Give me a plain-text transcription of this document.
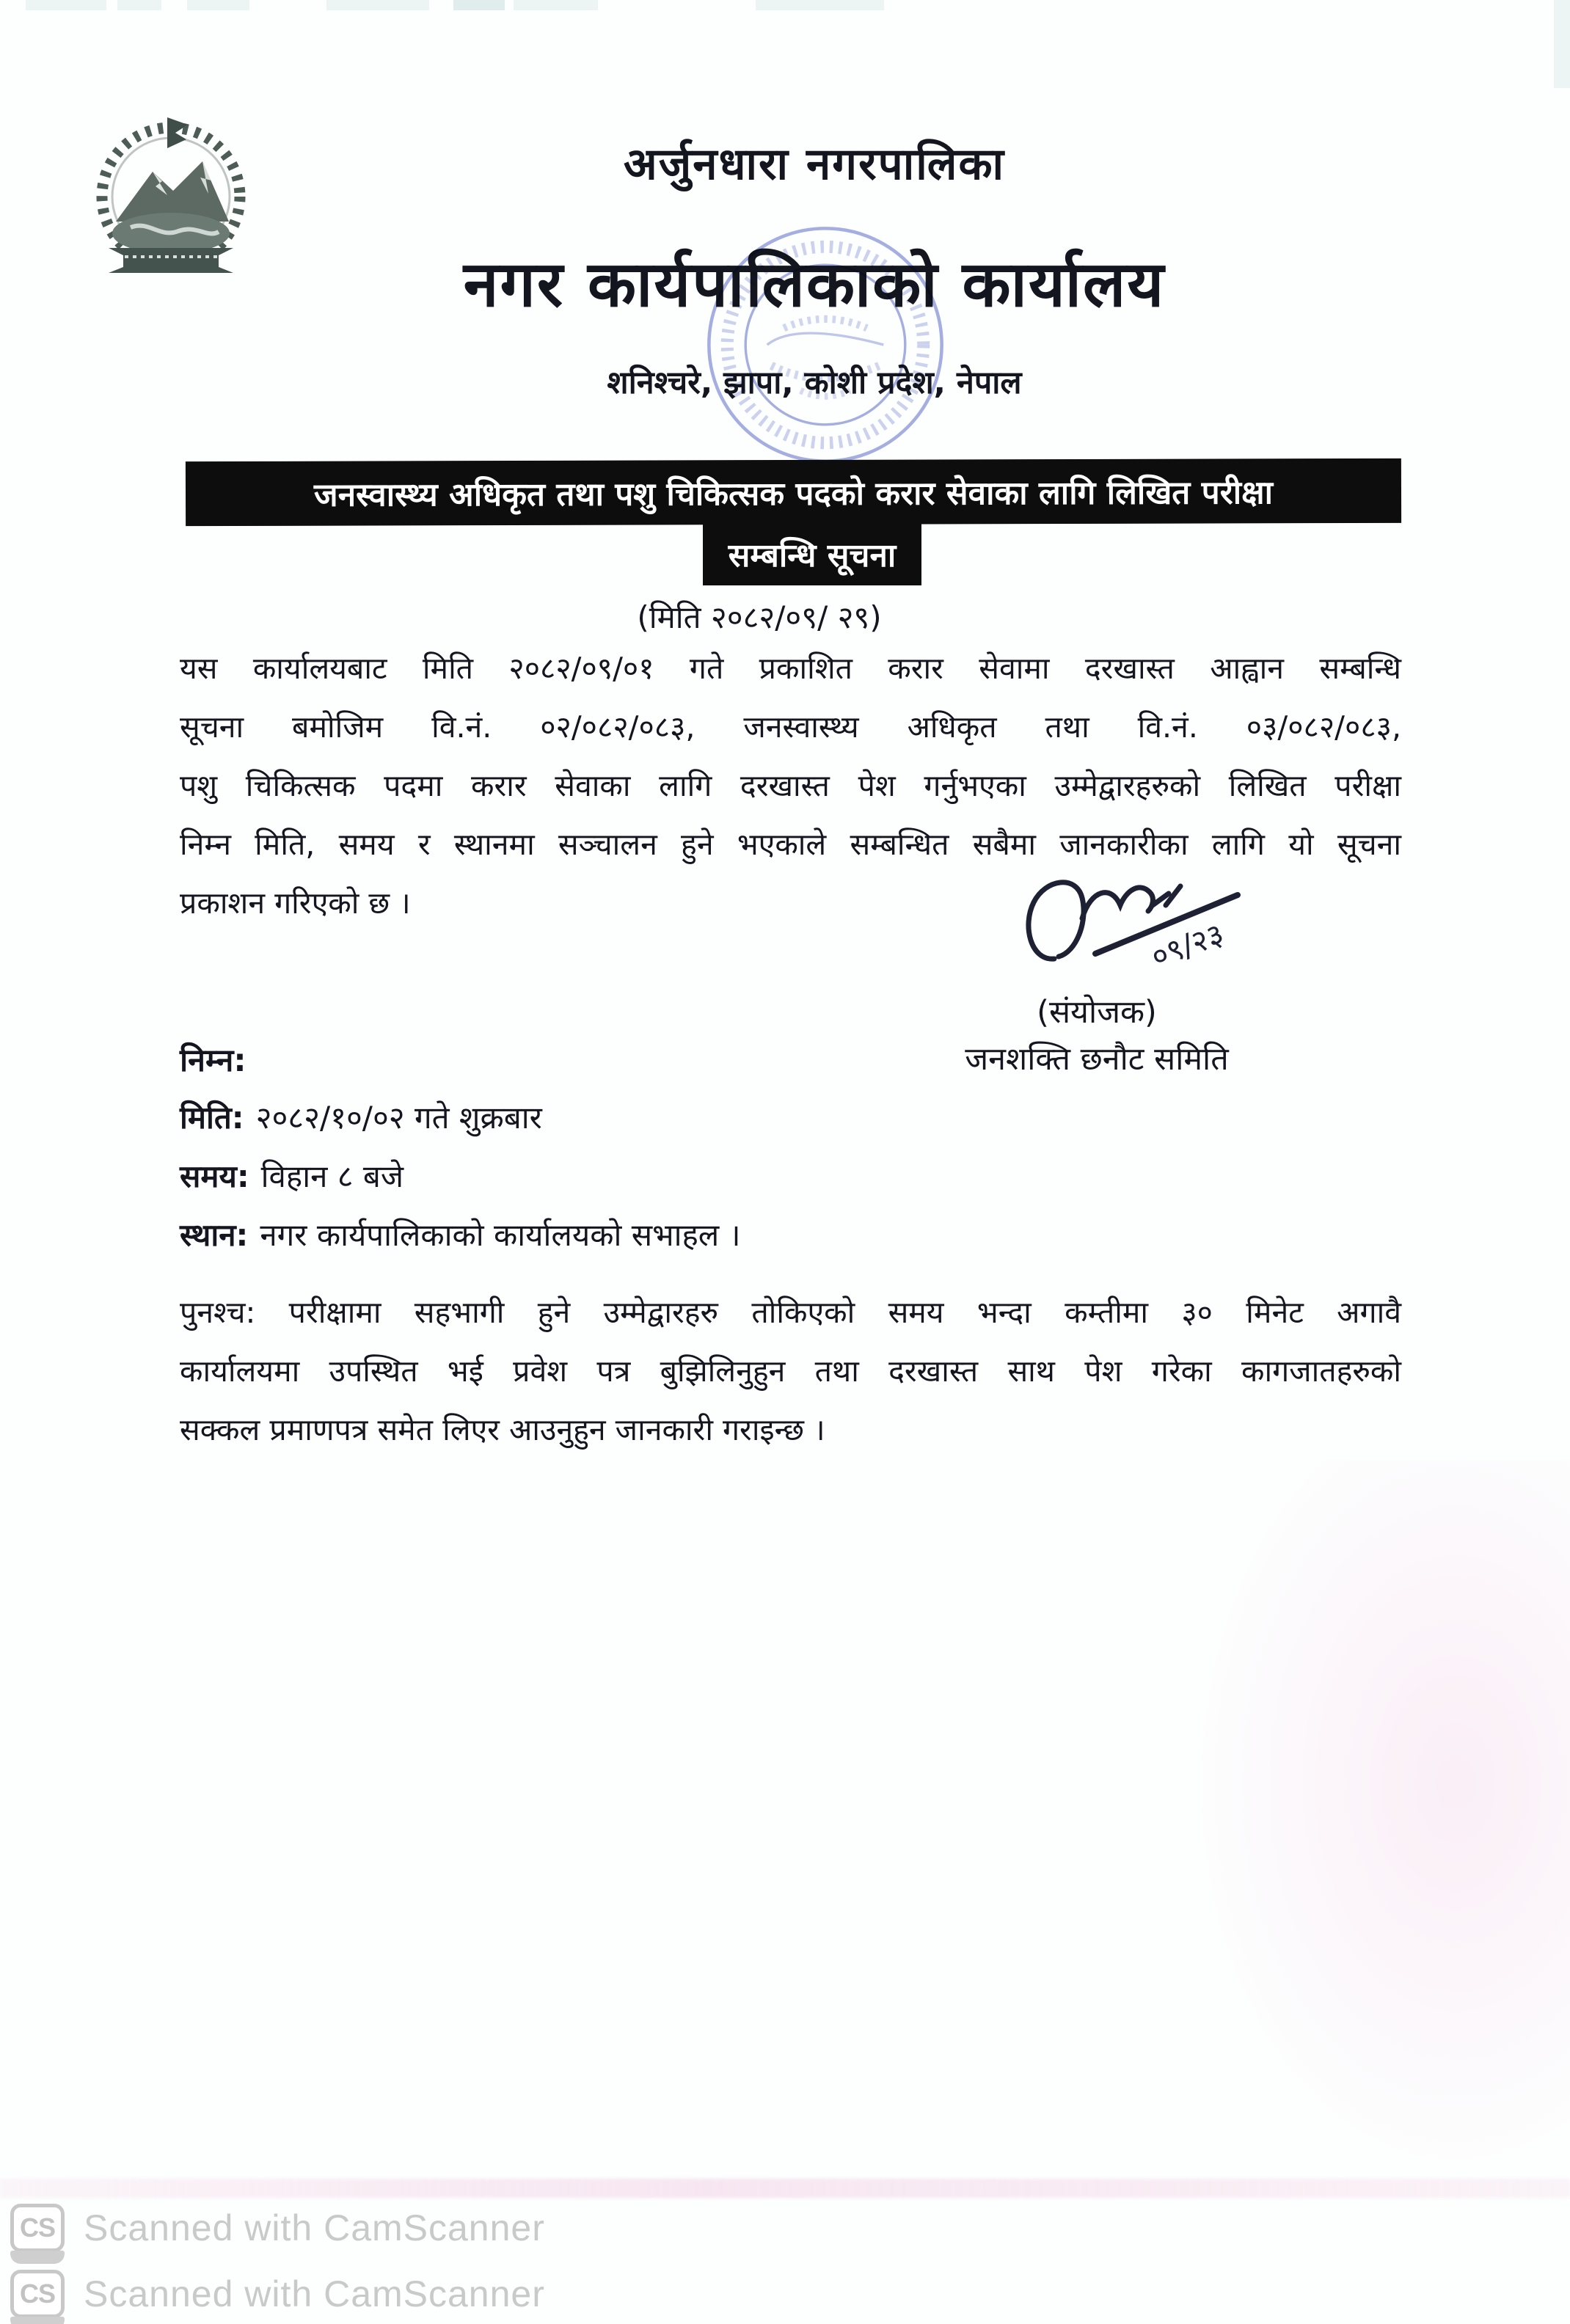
अर्जुनधारा नगरपालिका
नगर कार्यपालिकाको कार्यालय
शनिश्चरे, झापा, कोशी प्रदेश, नेपाल
जनस्वास्थ्य अधिकृत तथा पशु चिकित्सक पदको करार सेवाका लागि लिखित परीक्षा
सम्बन्धि सूचना
(मिति २०८२/०९/ २९)
यस कार्यालयबाट मिति २०८२/०९/०१ गते प्रकाशित करार सेवामा दरखास्त आह्वान सम्बन्धि
सूचना बमोजिम वि.नं. ०२/०८२/०८३, जनस्वास्थ्य अधिकृत तथा वि.नं. ०३/०८२/०८३,
पशु चिकित्सक पदमा करार सेवाका लागि दरखास्त पेश गर्नुभएका उम्मेद्वारहरुको लिखित परीक्षा
निम्न मिति, समय र स्थानमा सञ्चालन हुने भएकाले सम्बन्धित सबैमा जानकारीका लागि यो सूचना
प्रकाशन गरिएको छ ।
०९/२३
(संयोजक)
जनशक्ति छनौट समिति
निम्न:
मिति: २०८२/१०/०२ गते शुक्रबार
समय: विहान ८ बजे
स्थान: नगर कार्यपालिकाको कार्यालयको सभाहल ।
पुनश्च: परीक्षामा सहभागी हुने उम्मेद्वारहरु तोकिएको समय भन्दा कम्तीमा ३० मिनेट अगावै
कार्यालयमा उपस्थित भई प्रवेश पत्र बुझिलिनुहुन तथा दरखास्त साथ पेश गरेका कागजातहरुको
सक्कल प्रमाणपत्र समेत लिएर आउनुहुन जानकारी गराइन्छ ।
CS Scanned with CamScanner
CS Scanned with CamScanner
